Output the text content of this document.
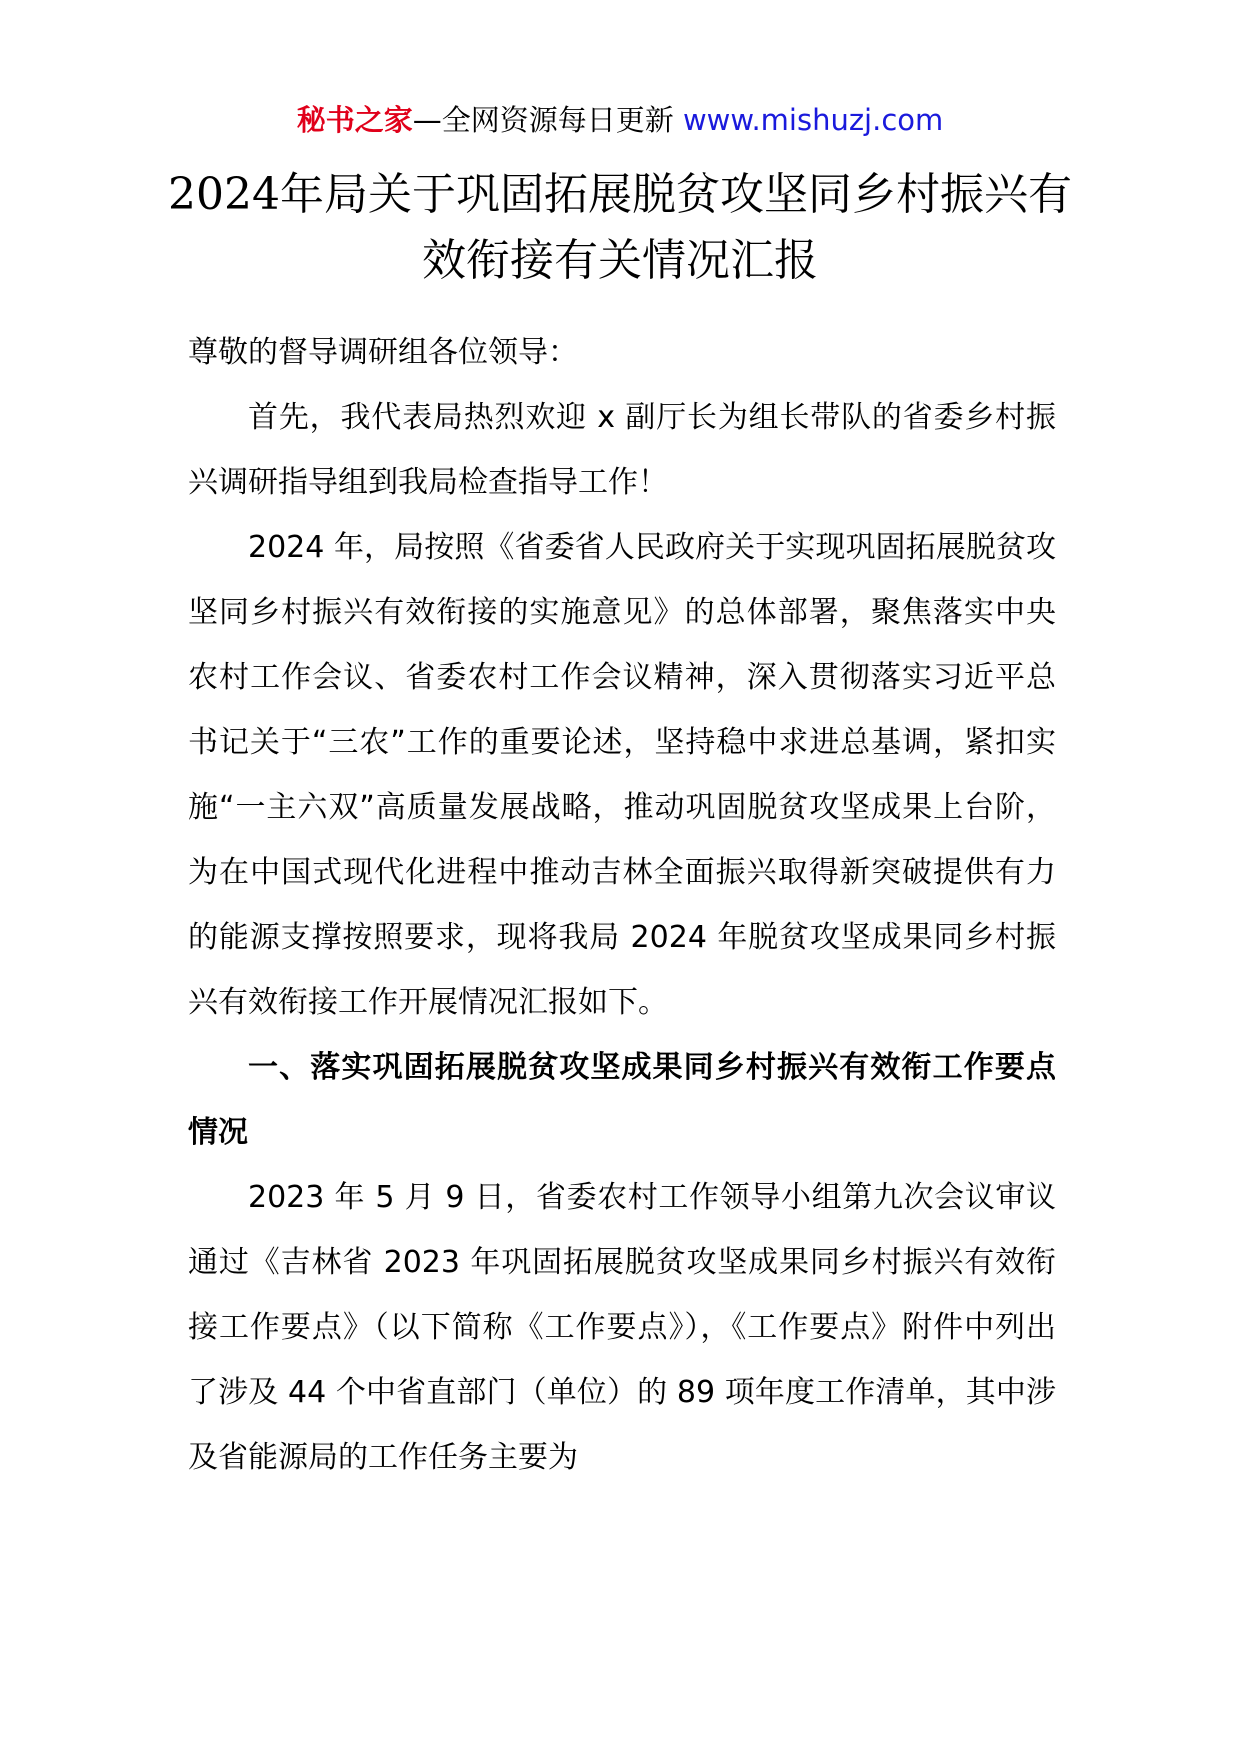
秘书之家—全网资源每日更新 www.mishuzj.com
2024年局关于巩固拓展脱贫攻坚同乡村振兴有效衔接有关情况汇报

尊敬的督导调研组各位领导：

首先，我代表局热烈欢迎 x 副厅长为组长带队的省委乡村振兴调研指导组到我局检查指导工作！

2024 年，局按照《省委省人民政府关于实现巩固拓展脱贫攻坚同乡村振兴有效衔接的实施意见》的总体部署，聚焦落实中央农村工作会议、省委农村工作会议精神，深入贯彻落实习近平总书记关于“三农”工作的重要论述，坚持稳中求进总基调，紧扣实施“一主六双”高质量发展战略，推动巩固脱贫攻坚成果上台阶，为在中国式现代化进程中推动吉林全面振兴取得新突破提供有力的能源支撑按照要求，现将我局 2024 年脱贫攻坚成果同乡村振兴有效衔接工作开展情况汇报如下。

一、落实巩固拓展脱贫攻坚成果同乡村振兴有效衔工作要点情况

2023 年 5 月 9 日，省委农村工作领导小组第九次会议审议通过《吉林省 2023 年巩固拓展脱贫攻坚成果同乡村振兴有效衔接工作要点》（以下简称《工作要点》），《工作要点》附件中列出了涉及 44 个中省直部门（单位）的 89 项年度工作清单，其中涉及省能源局的工作任务主要为
